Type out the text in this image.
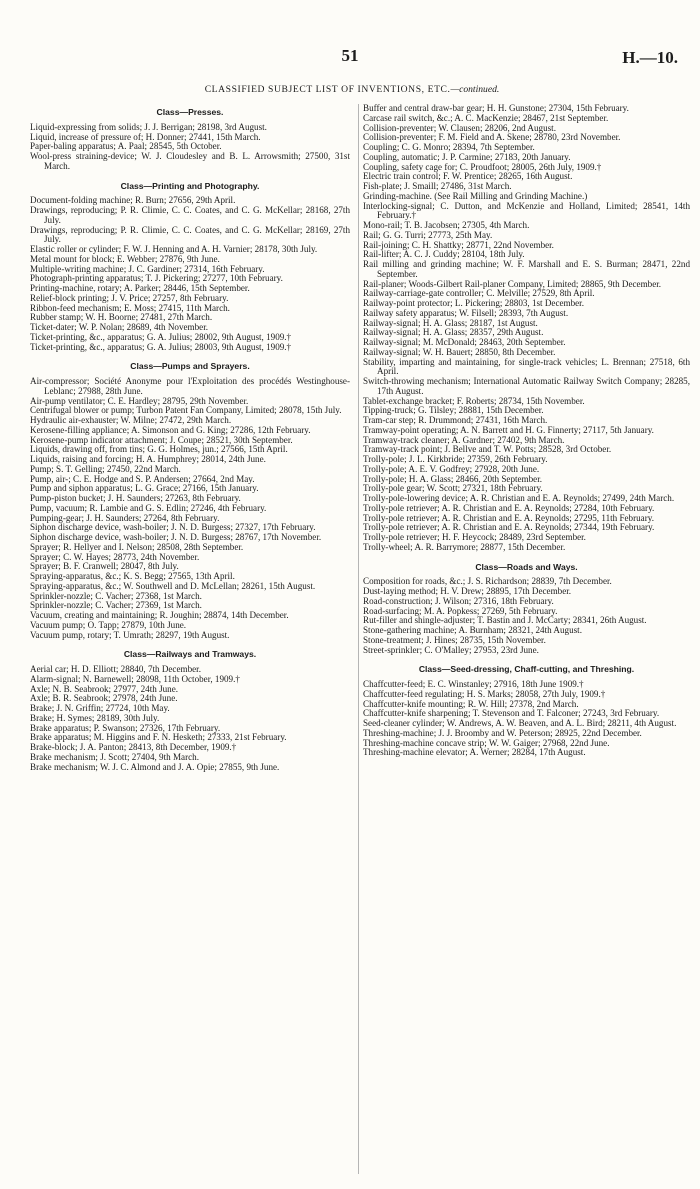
51	H.—10.
CLASSIFIED SUBJECT LIST OF INVENTIONS, ETC.—continued.
Class—Presses.
Liquid-expressing from solids; J. J. Berrigan; 28198, 3rd August.
Liquid, increase of pressure of; H. Donner; 27441, 15th March.
Paper-baling apparatus; A. Paal; 28545, 5th October.
Wool-press straining-device; W. J. Cloudesley and B. L. Arrowsmith; 27500, 31st March.
Class—Printing and Photography.
Document-folding machine; R. Burn; 27656, 29th April.
Drawings, reproducing; P. R. Climie, C. C. Coates, and C. G. McKellar; 28168, 27th July.
Drawings, reproducing; P. R. Climie, C. C. Coates, and C. G. McKellar; 28169, 27th July.
Elastic roller or cylinder; F. W. J. Henning and A. H. Varnier; 28178, 30th July.
Metal mount for block; E. Webber; 27876, 9th June.
Multiple-writing machine; J. C. Gardiner; 27314, 16th February.
Photograph-printing apparatus; T. J. Pickering; 27277, 10th February.
Printing-machine, rotary; A. Parker; 28446, 15th September.
Relief-block printing; J. V. Price; 27257, 8th February.
Ribbon-feed mechanism; E. Moss; 27415, 11th March.
Rubber stamp; W. H. Boorne; 27481, 27th March.
Ticket-dater; W. P. Nolan; 28689, 4th November.
Ticket-printing, &c., apparatus; G. A. Julius; 28002, 9th August, 1909.†
Ticket-printing, &c., apparatus; G. A. Julius; 28003, 9th August, 1909.†
Class—Pumps and Sprayers.
Air-compressor; Société Anonyme pour l'Exploitation des procédés Westinghouse-Leblanc; 27988, 28th June.
Air-pump ventilator; C. E. Hardley; 28795, 29th November.
Centrifugal blower or pump; Turbon Patent Fan Company, Limited; 28078, 15th July.
Hydraulic air-exhauster; W. Milne; 27472, 29th March.
Kerosene-filling appliance; A. Simonson and G. King; 27286, 12th February.
Kerosene-pump indicator attachment; J. Coupe; 28521, 30th September.
Liquids, drawing off, from tins; G. G. Holmes, jun.; 27566, 15th April.
Liquids, raising and forcing; H. A. Humphrey; 28014, 24th June.
Pump; S. T. Gelling; 27450, 22nd March.
Pump, air-; C. E. Hodge and S. P. Andersen; 27664, 2nd May.
Pump and siphon apparatus; L. G. Grace; 27166, 15th January.
Pump-piston bucket; J. H. Saunders; 27263, 8th February.
Pump, vacuum; R. Lambie and G. S. Edlin; 27246, 4th February.
Pumping-gear; J. H. Saunders; 27264, 8th February.
Siphon discharge device, wash-boiler; J. N. D. Burgess; 27327, 17th February.
Siphon discharge device, wash-boiler; J. N. D. Burgess; 28767, 17th November.
Sprayer; R. Hellyer and I. Nelson; 28508, 28th September.
Sprayer; C. W. Hayes; 28773, 24th November.
Sprayer; B. F. Cranwell; 28047, 8th July.
Spraying-apparatus, &c.; K. S. Begg; 27565, 13th April.
Spraying-apparatus, &c.; W. Southwell and D. McLellan; 28261, 15th August.
Sprinkler-nozzle; C. Vacher; 27368, 1st March.
Sprinkler-nozzle; C. Vacher; 27369, 1st March.
Vacuum, creating and maintaining; R. Joughin; 28874, 14th December.
Vacuum pump; O. Tapp; 27879, 10th June.
Vacuum pump, rotary; T. Umrath; 28297, 19th August.
Class—Railways and Tramways.
Aerial car; H. D. Elliott; 28840, 7th December.
Alarm-signal; N. Barnewell; 28098, 11th October, 1909.†
Axle; N. B. Seabrook; 27977, 24th June.
Axle; B. R. Seabrook; 27978, 24th June.
Brake; J. N. Griffin; 27724, 10th May.
Brake; H. Symes; 28189, 30th July.
Brake apparatus; P. Swanson; 27326, 17th February.
Brake apparatus; M. Higgins and F. N. Hesketh; 27333, 21st February.
Brake-block; J. A. Panton; 28413, 8th December, 1909.†
Brake mechanism; J. Scott; 27404, 9th March.
Brake mechanism; W. J. C. Almond and J. A. Opie; 27855, 9th June.
Buffer and central draw-bar gear; H. H. Gunstone; 27304, 15th February.
Carcase rail switch, &c.; A. C. MacKenzie; 28467, 21st September.
Collision-preventer; W. Clausen; 28206, 2nd August.
Collision-preventer; F. M. Field and A. Skene; 28780, 23rd November.
Coupling; C. G. Monro; 28394, 7th September.
Coupling, automatic; J. P. Carmine; 27183, 20th January.
Coupling, safety cage for; C. Proudfoot; 28005, 26th July, 1909.†
Electric train control; F. W. Prentice; 28265, 16th August.
Fish-plate; J. Smaill; 27486, 31st March.
Grinding-machine. (See Rail Milling and Grinding Machine.)
Interlocking-signal; C. Dutton, and McKenzie and Holland, Limited; 28541, 14th February.†
Mono-rail; T. B. Jacobsen; 27305, 4th March.
Rail; G. G. Turri; 27773, 25th May.
Rail-joining; C. H. Shattky; 28771, 22nd November.
Rail-lifter; A. C. J. Cuddy; 28104, 18th July.
Rail milling and grinding machine; W. F. Marshall and E. S. Burman; 28471, 22nd September.
Rail-planer; Woods-Gilbert Rail-planer Company, Limited; 28865, 9th December.
Railway-carriage-gate controller; C. Melville; 27529, 8th April.
Railway-point protector; L. Pickering; 28803, 1st December.
Railway safety apparatus; W. Filsell; 28393, 7th August.
Railway-signal; H. A. Glass; 28187, 1st August.
Railway-signal; H. A. Glass; 28357, 29th August.
Railway-signal; M. McDonald; 28463, 20th September.
Railway-signal; W. H. Bauert; 28850, 8th December.
Stability, imparting and maintaining, for single-track vehicles; L. Brennan; 27518, 6th April.
Switch-throwing mechanism; International Automatic Railway Switch Company; 28285, 17th August.
Tablet-exchange bracket; F. Roberts; 28734, 15th November.
Tipping-truck; G. Tilsley; 28881, 15th December.
Tram-car step; R. Drummond; 27431, 16th March.
Tramway-point operating; A. N. Barrett and H. G. Finnerty; 27117, 5th January.
Tramway-track cleaner; A. Gardner; 27402, 9th March.
Tramway-track point; J. Bellve and T. W. Potts; 28528, 3rd October.
Trolly-pole; J. L. Kirkbride; 27359, 26th February.
Trolly-pole; A. E. V. Godfrey; 27928, 20th June.
Trolly-pole; H. A. Glass; 28466, 20th September.
Trolly-pole gear; W. Scott; 27321, 18th February.
Trolly-pole-lowering device; A. R. Christian and E. A. Reynolds; 27499, 24th March.
Trolly-pole retriever; A. R. Christian and E. A. Reynolds; 27284, 10th February.
Trolly-pole retriever; A. R. Christian and E. A. Reynolds; 27295, 11th February.
Trolly-pole retriever; A. R. Christian and E. A. Reynolds; 27344, 19th February.
Trolly-pole retriever; H. F. Heycock; 28489, 23rd September.
Trolly-wheel; A. R. Barrymore; 28877, 15th December.
Class—Roads and Ways.
Composition for roads, &c.; J. S. Richardson; 28839, 7th December.
Dust-laying method; H. V. Drew; 28895, 17th December.
Road-construction; J. Wilson; 27316, 18th February.
Road-surfacing; M. A. Popkess; 27269, 5th February.
Rut-filler and shingle-adjuster; T. Bastin and J. McCarty; 28341, 26th August.
Stone-gathering machine; A. Burnham; 28321, 24th August.
Stone-treatment; J. Hines; 28735, 15th November.
Street-sprinkler; C. O'Malley; 27953, 23rd June.
Class—Seed-dressing, Chaff-cutting, and Threshing.
Chaffcutter-feed; E. C. Winstanley; 27916, 18th June 1909.†
Chaffcutter-feed regulating; H. S. Marks; 28058, 27th July, 1909.†
Chaffcutter-knife mounting; R. W. Hill; 27378, 2nd March.
Chaffcutter-knife sharpening; T. Stevenson and T. Falconer; 27243, 3rd February.
Seed-cleaner cylinder; W. Andrews, A. W. Beaven, and A. L. Bird; 28211, 4th August.
Threshing-machine; J. J. Broomby and W. Peterson; 28925, 22nd December.
Threshing-machine concave strip; W. W. Gaiger; 27968, 22nd June.
Threshing-machine elevator; A. Werner; 28284, 17th August.
